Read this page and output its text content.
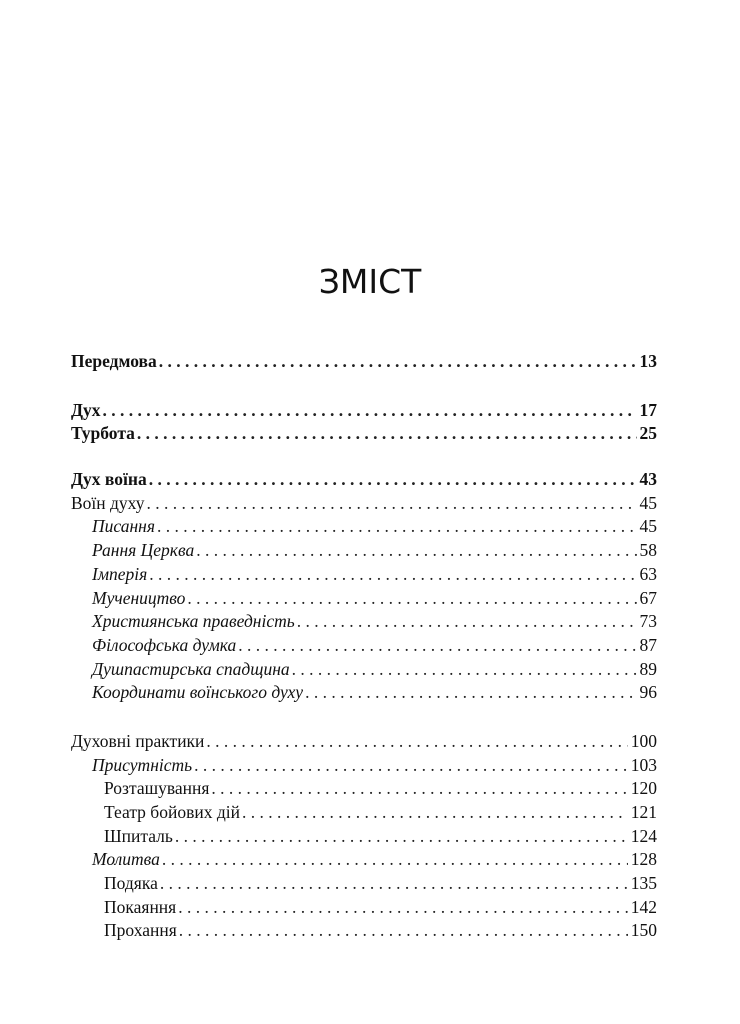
ЗМІСТ
Передмова . . .	13
Дух . . .	17
Турбота . . .	25
Дух воїна . . .	43
Воїн духу . . .	45
Писання . . .	45
Рання Церква . . .	58
Імперія . . .	63
Мучеництво . . .	67
Християнська праведність . . .	73
Філософська думка . . .	87
Душпастирська спадщина . . .	89
Координати воїнського духу . . .	96
Духовні практики . . .	100
Присутність . . .	103
Розташування . . .	120
Театр бойових дій . . .	121
Шпиталь . . .	124
Молитва . . .	128
Подяка . . .	135
Покаяння . . .	142
Прохання . . .	150
